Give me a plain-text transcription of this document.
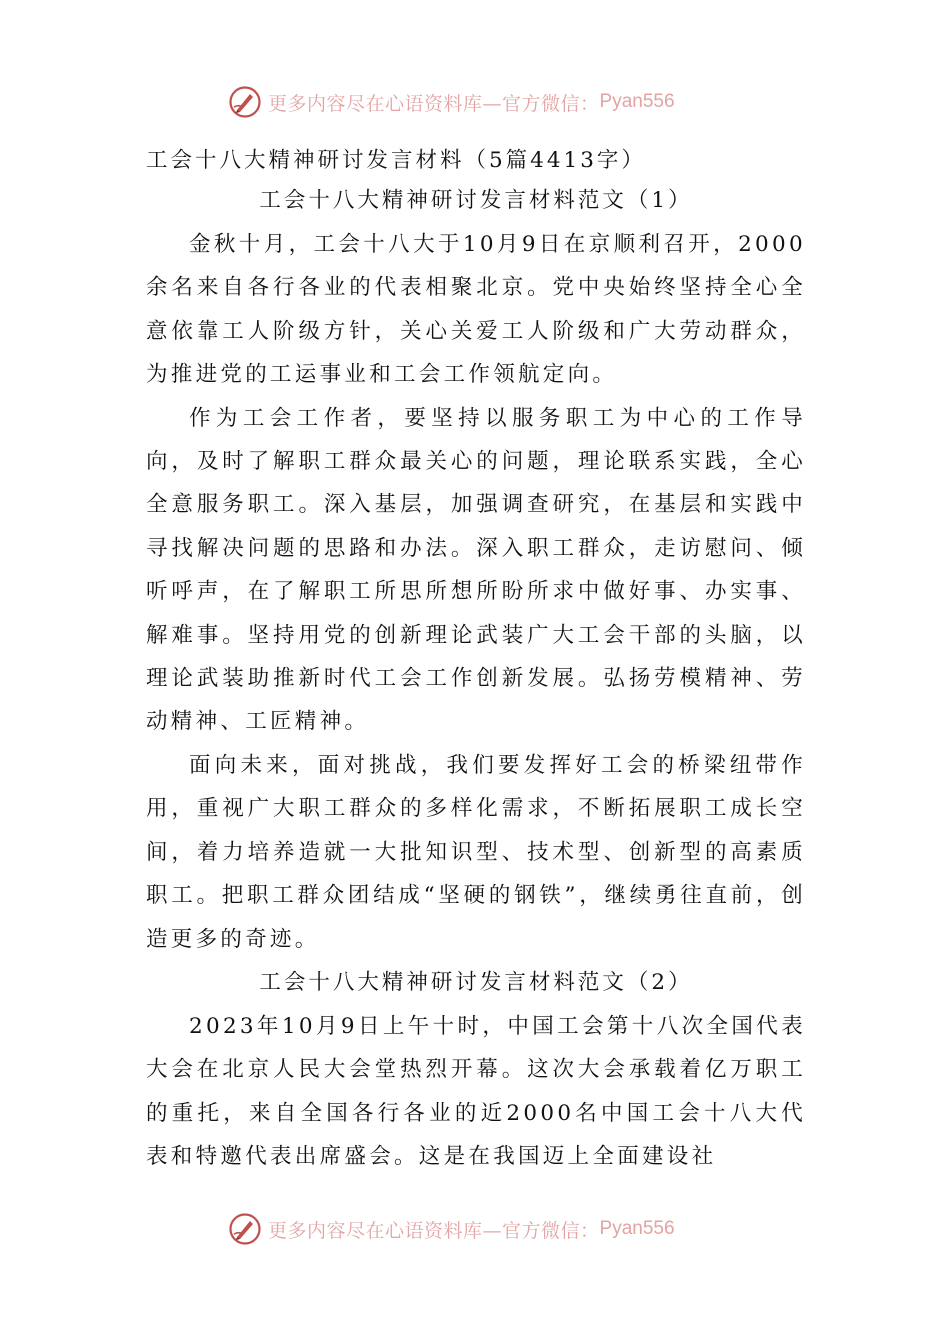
更多内容尽在心语资料库—官方微信： Pyan556
工会十八大精神研讨发言材料（5篇4413字）
工会十八大精神研讨发言材料范文（1）

金秋十月，工会十八大于10月9日在京顺利召开，2000余名来自各行各业的代表相聚北京。党中央始终坚持全心全意依靠工人阶级方针，关心关爱工人阶级和广大劳动群众，为推进党的工运事业和工会工作领航定向。

作为工会工作者，要坚持以服务职工为中心的工作导向，及时了解职工群众最关心的问题，理论联系实践，全心全意服务职工。深入基层，加强调查研究，在基层和实践中寻找解决问题的思路和办法。深入职工群众，走访慰问、倾听呼声，在了解职工所思所想所盼所求中做好事、办实事、解难事。坚持用党的创新理论武装广大工会干部的头脑，以理论武装助推新时代工会工作创新发展。弘扬劳模精神、劳动精神、工匠精神。

面向未来，面对挑战，我们要发挥好工会的桥梁纽带作用，重视广大职工群众的多样化需求，不断拓展职工成长空间，着力培养造就一大批知识型、技术型、创新型的高素质职工。把职工群众团结成“坚硬的钢铁”，继续勇往直前，创造更多的奇迹。

工会十八大精神研讨发言材料范文（2）

2023年10月9日上午十时，中国工会第十八次全国代表大会在北京人民大会堂热烈开幕。这次大会承载着亿万职工的重托，来自全国各行各业的近2000名中国工会十八大代表和特邀代表出席盛会。这是在我国迈上全面建设社

更多内容尽在心语资料库—官方微信： Pyan556
